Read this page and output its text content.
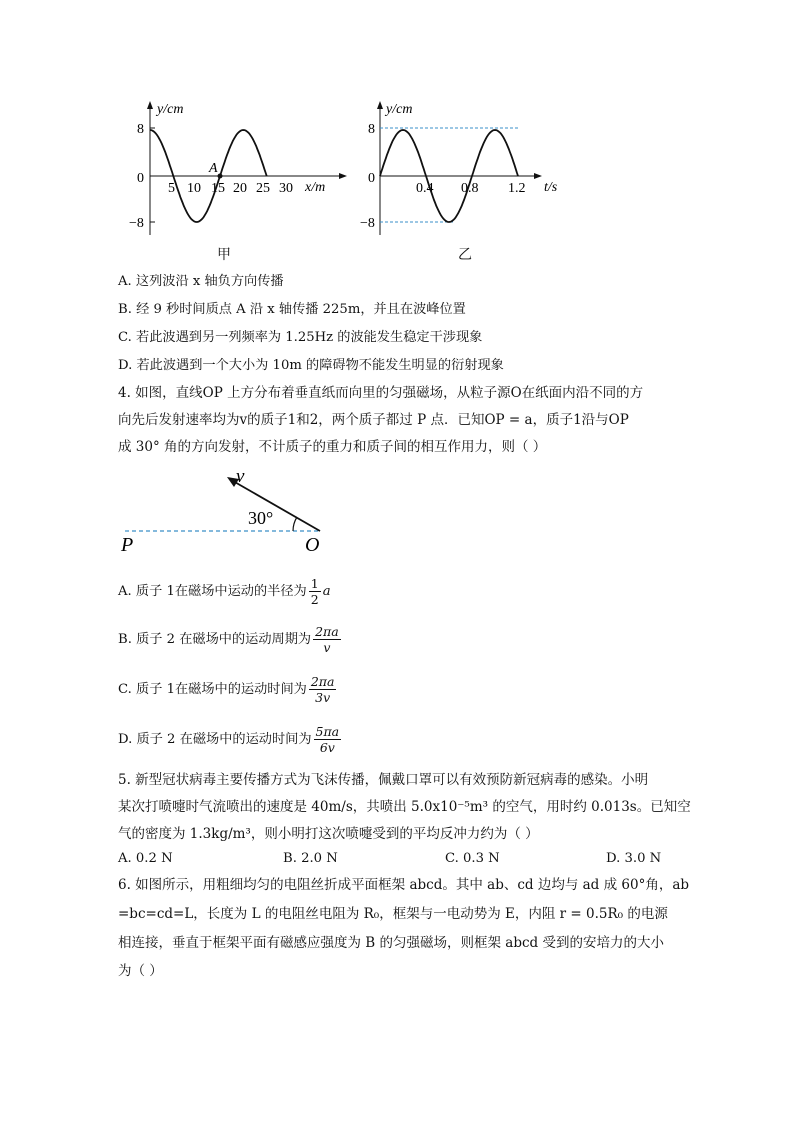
y/cm
x/m
8
0
−8
5 10 15 20 25 30
A
甲
y/cm
t/s
8
0
−8
0.4 0.8 1.2
乙
A. 这列波沿 x 轴负方向传播
B. 经 9 秒时间质点 A 沿 x 轴传播 225m，并且在波峰位置
C. 若此波遇到另一列频率为 1.25Hz 的波能发生稳定干涉现象
D. 若此波遇到一个大小为 10m 的障碍物不能发生明显的衍射现象
4. 如图，直线OP 上方分布着垂直纸而向里的匀强磁场，从粒子源O在纸面内沿不同的方
向先后发射速率均为v的质子1和2，两个质子都过 P 点．已知OP = a，质子1沿与OP
成 30° 角的方向发射，不计质子的重力和质子间的相互作用力，则（ ）
v
30°
P	O
A. 质子 1在磁场中运动的半径为 $\frac{1}{2}$ a
B. 质子 2 在磁场中的运动周期为 $\frac{2\pi a}{v}$
C. 质子 1在磁场中的运动时间为 $\frac{2\pi a}{3v}$
D. 质子 2 在磁场中的运动时间为 $\frac{5\pi a}{6v}$
5. 新型冠状病毒主要传播方式为飞沫传播，佩戴口罩可以有效预防新冠病毒的感染。小明
某次打喷嚏时气流喷出的速度是 40m/s，共喷出 5.0x10⁻⁵m³ 的空气，用时约 0.013s。已知空
气的密度为 1.3kg/m³，则小明打这次喷嚏受到的平均反冲力约为（ ）
A. 0.2 N	B. 2.0 N	C. 0.3 N	D. 3.0 N
6. 如图所示，用粗细均匀的电阻丝折成平面框架 abcd。其中 ab、cd 边均与 ad 成 60°角，ab
=bc=cd=L，长度为 L 的电阻丝电阻为 R₀，框架与一电动势为 E，内阻 r = 0.5R₀ 的电源
相连接，垂直于框架平面有磁感应强度为 B 的匀强磁场，则框架 abcd 受到的安培力的大小
为（ ）
